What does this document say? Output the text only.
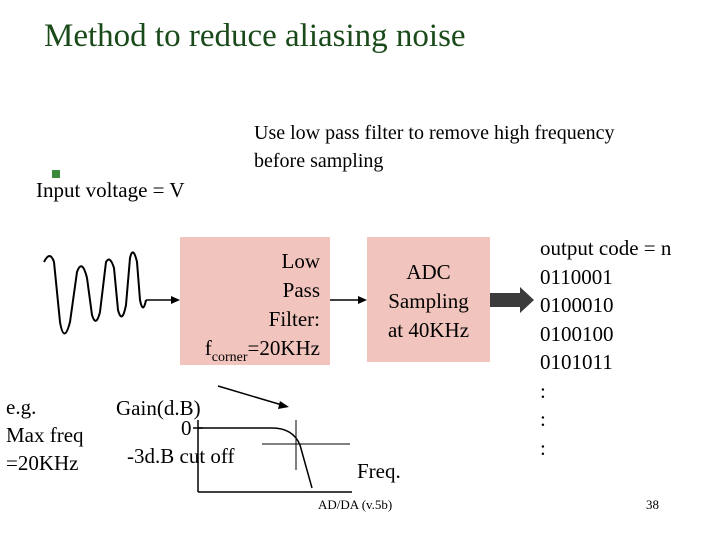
Method to reduce aliasing noise
Use low pass filter to remove high frequency
before sampling
Input voltage = V
Low
Pass
Filter:
$f_{corner}=20KHz$
ADC
Sampling
at 40KHz
output code = n
0110001
0100010
0100100
0101011
:
:
:
e.g.
Max freq
=20KHz
Gain(d.B)
0
-3d.B cut off
Freq.
AD/DA (v.5b)	38
